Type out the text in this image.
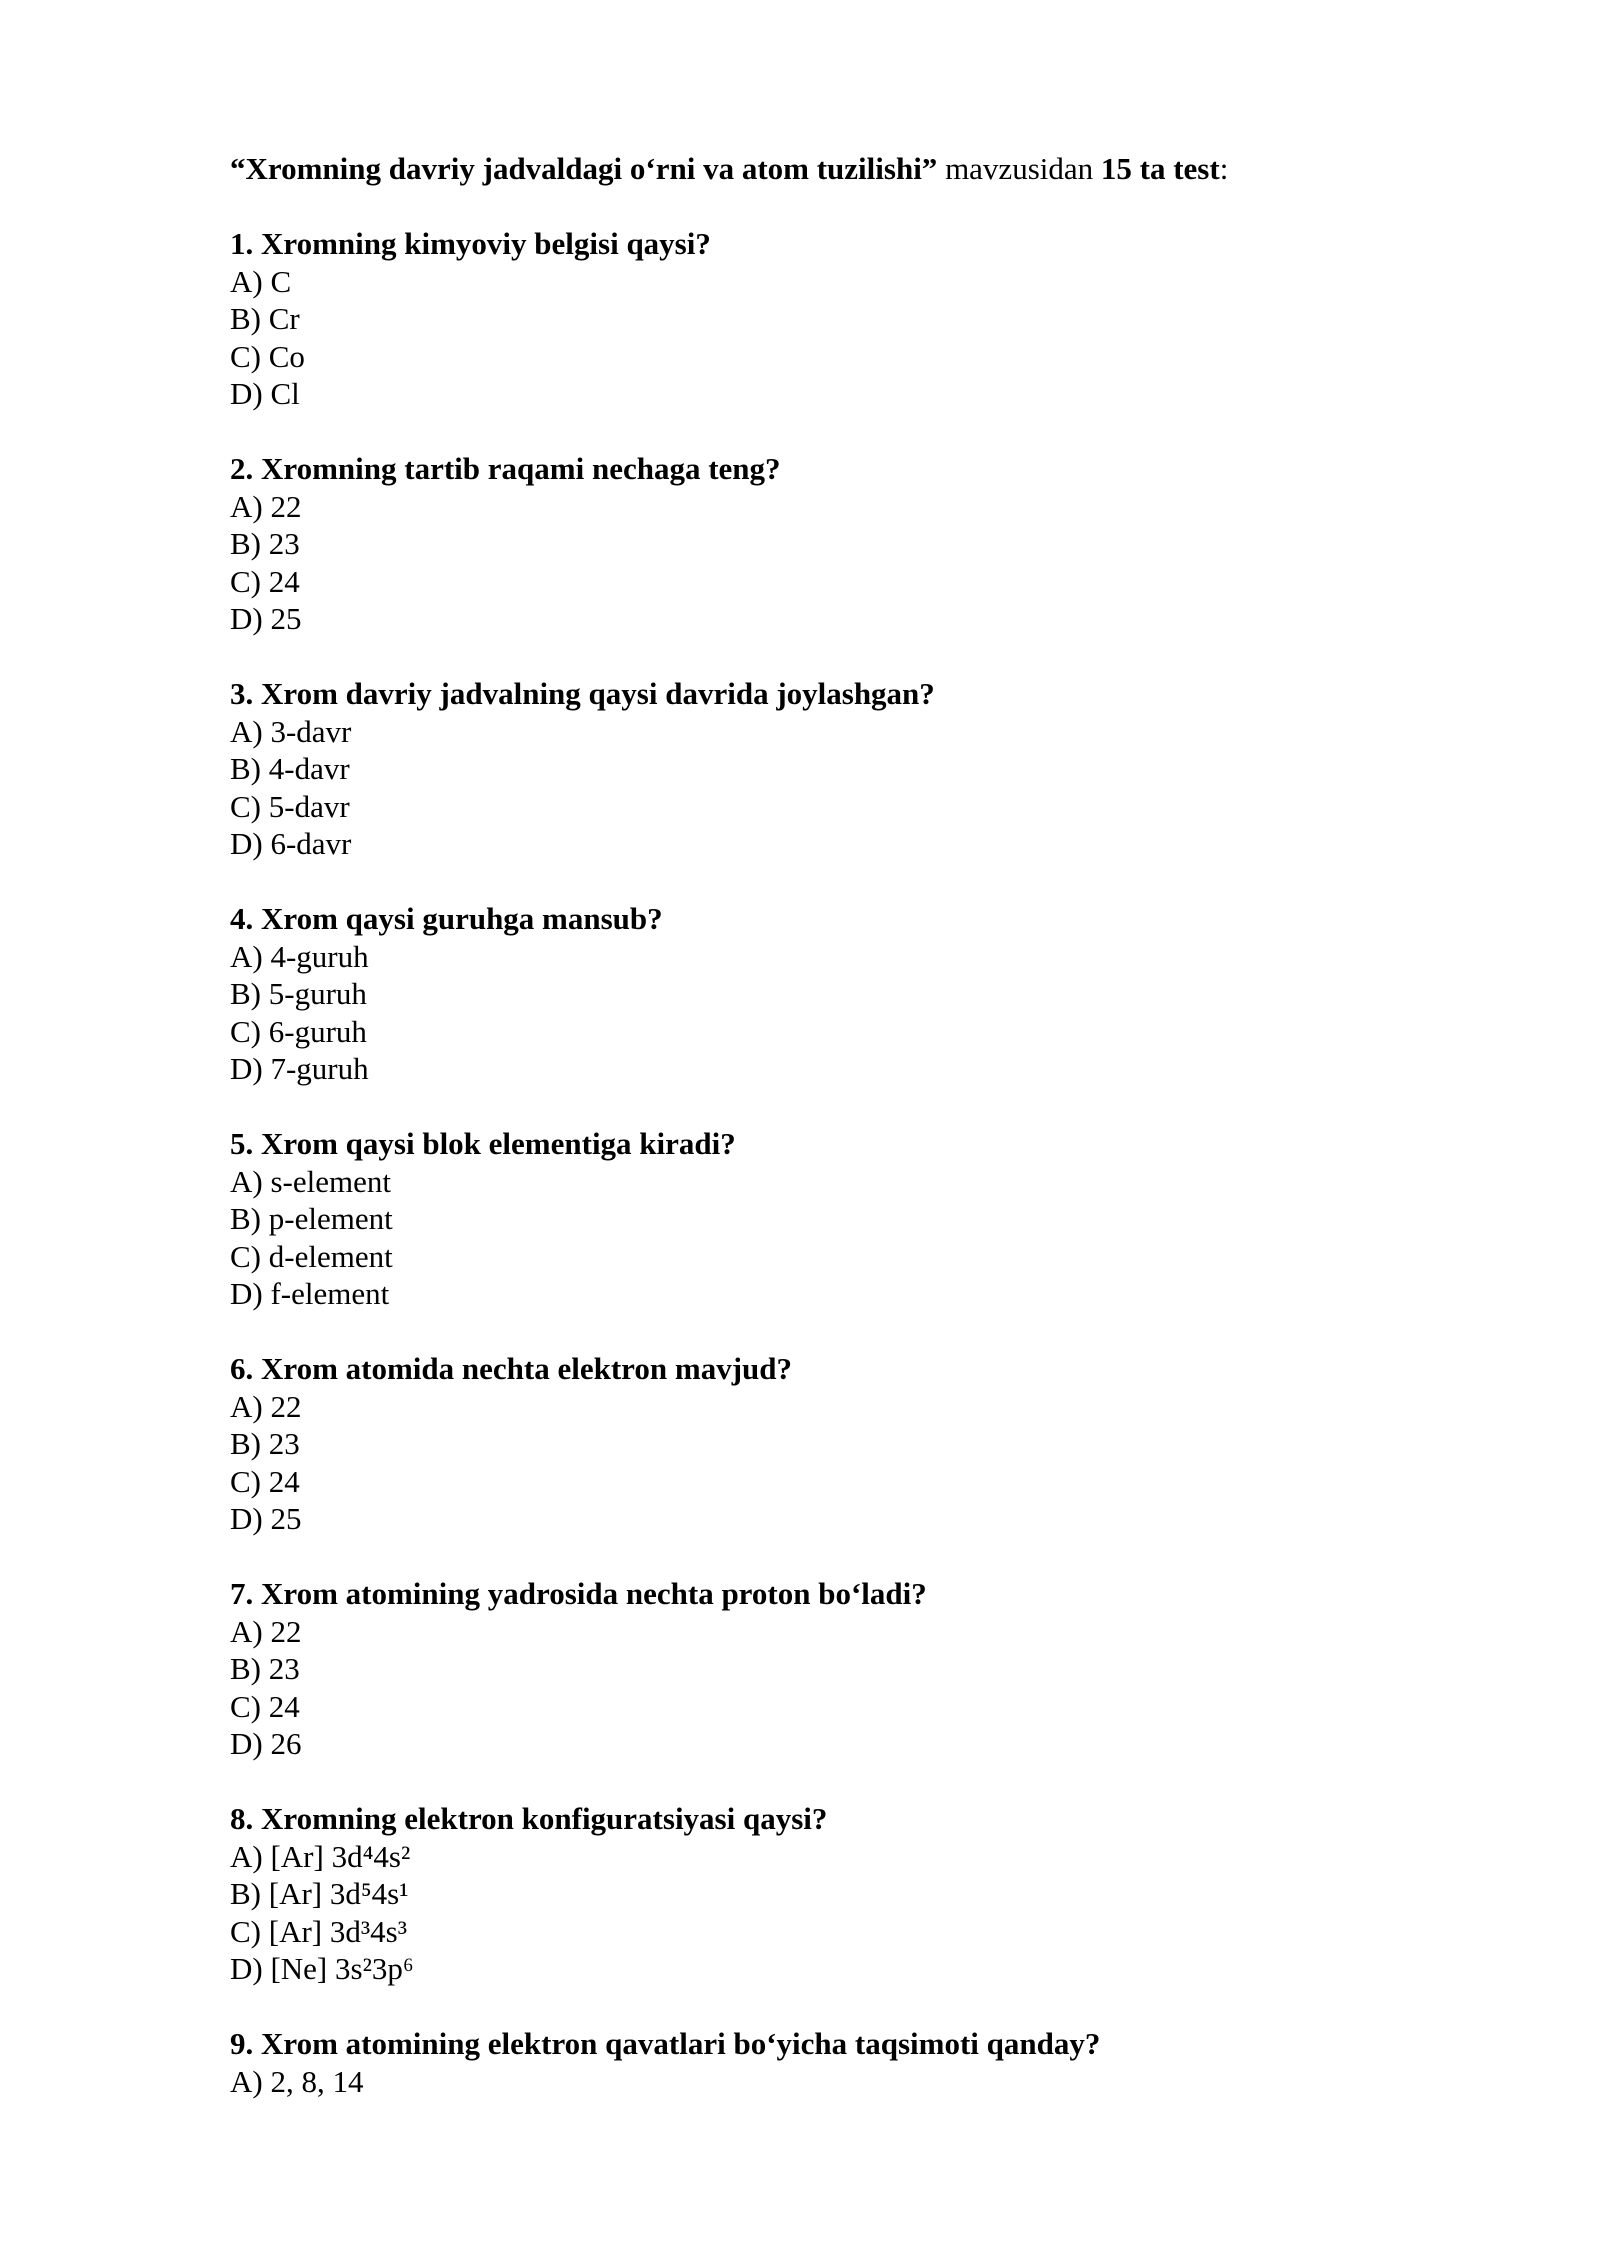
“Xromning davriy jadvaldagi o‘rni va atom tuzilishi” mavzusidan 15 ta test:

1. Xromning kimyoviy belgisi qaysi?

A) C

B) Cr

C) Co

D) Cl

2. Xromning tartib raqami nechaga teng?

A) 22

B) 23

C) 24

D) 25

3. Xrom davriy jadvalning qaysi davrida joylashgan?

A) 3-davr

B) 4-davr

C) 5-davr

D) 6-davr

4. Xrom qaysi guruhga mansub?

A) 4-guruh

B) 5-guruh

C) 6-guruh

D) 7-guruh

5. Xrom qaysi blok elementiga kiradi?

A) s-element

B) p-element

C) d-element

D) f-element

6. Xrom atomida nechta elektron mavjud?

A) 22

B) 23

C) 24

D) 25

7. Xrom atomining yadrosida nechta proton bo‘ladi?

A) 22

B) 23

C) 24

D) 26

8. Xromning elektron konfiguratsiyasi qaysi?

A) [Ar] 3d⁴4s²

B) [Ar] 3d⁵4s¹

C) [Ar] 3d³4s³

D) [Ne] 3s²3p⁶

9. Xrom atomining elektron qavatlari bo‘yicha taqsimoti qanday?

A) 2, 8, 14
